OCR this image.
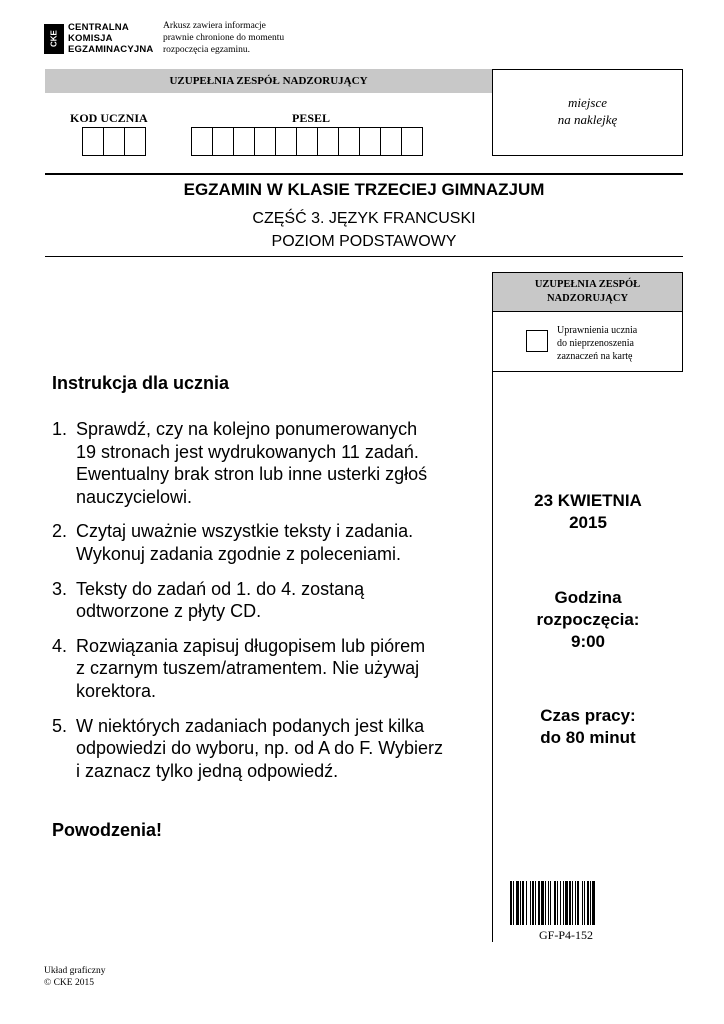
CKE
CENTRALNA
KOMISJA
EGZAMINACYJNA
Arkusz zawiera informacje
prawnie chronione do momentu
rozpoczęcia egzaminu.
UZUPEŁNIA ZESPÓŁ NADZORUJĄCY
KOD UCZNIA	PESEL
miejsce
na naklejkę
EGZAMIN W KLASIE TRZECIEJ GIMNAZJUM
CZĘŚĆ 3. JĘZYK FRANCUSKI
POZIOM PODSTAWOWY
UZUPEŁNIA ZESPÓŁ
NADZORUJĄCY
Uprawnienia ucznia
do nieprzenoszenia
zaznaczeń na kartę
23 KWIETNIA
2015
Godzina
rozpoczęcia:
9:00
Czas pracy:
do 80 minut
GF-P4-152
Instrukcja dla ucznia
1. Sprawdź, czy na kolejno ponumerowanych
19 stronach jest wydrukowanych 11 zadań.
Ewentualny brak stron lub inne usterki zgłoś
nauczycielowi.
2. Czytaj uważnie wszystkie teksty i zadania.
Wykonuj zadania zgodnie z poleceniami.
3. Teksty do zadań od 1. do 4. zostaną
odtworzone z płyty CD.
4. Rozwiązania zapisuj długopisem lub piórem
z czarnym tuszem/atramentem. Nie używaj
korektora.
5. W niektórych zadaniach podanych jest kilka
odpowiedzi do wyboru, np. od A do F. Wybierz
i zaznacz tylko jedną odpowiedź.
Powodzenia!
Układ graficzny
© CKE 2015
